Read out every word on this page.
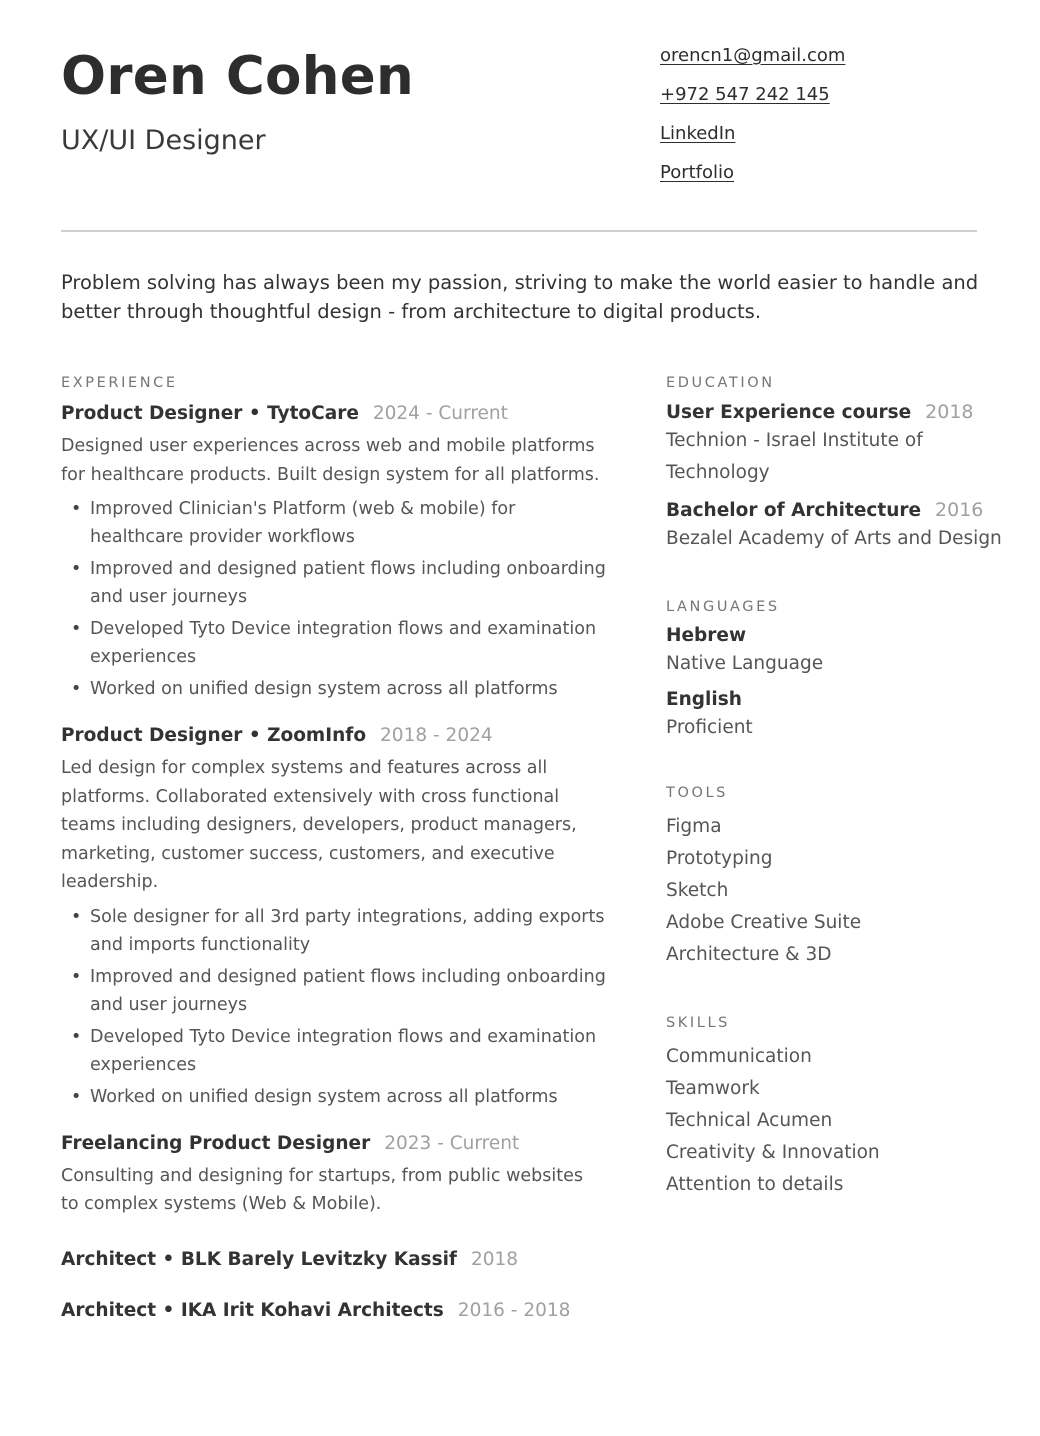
Oren Cohen
UX/UI Designer
orencn1@gmail.com
+972 547 242 145
LinkedIn
Portfolio

Problem solving has always been my passion, striving to make the world easier to handle and better through thoughtful design - from architecture to digital products.

EXPERIENCE
Product Designer • TytoCare 2024 - Current

Designed user experiences across web and mobile platforms for healthcare products. Built design system for all platforms.

• Improved Clinician's Platform (web & mobile) for healthcare provider workflows
• Improved and designed patient flows including onboarding and user journeys
• Developed Tyto Device integration flows and examination experiences
• Worked on unified design system across all platforms
Product Designer • ZoomInfo 2018 - 2024

Led design for complex systems and features across all platforms. Collaborated extensively with cross functional teams including designers, developers, product managers, marketing, customer success, customers, and executive leadership.

• Sole designer for all 3rd party integrations, adding exports and imports functionality
• Improved and designed patient flows including onboarding and user journeys
• Developed Tyto Device integration flows and examination experiences
• Worked on unified design system across all platforms
Freelancing Product Designer 2023 - Current

Consulting and designing for startups, from public websites to complex systems (Web & Mobile).

Architect • BLK Barely Levitzky Kassif 2018
Architect • IKA Irit Kohavi Architects 2016 - 2018
EDUCATION
User Experience course 2018
Technion - Israel Institute of Technology
Bachelor of Architecture 2016
Bezalel Academy of Arts and Design
LANGUAGES
Hebrew
Native Language
English
Proficient
TOOLS
Figma
Prototyping
Sketch
Adobe Creative Suite
Architecture & 3D
SKILLS
Communication
Teamwork
Technical Acumen
Creativity & Innovation
Attention to details
